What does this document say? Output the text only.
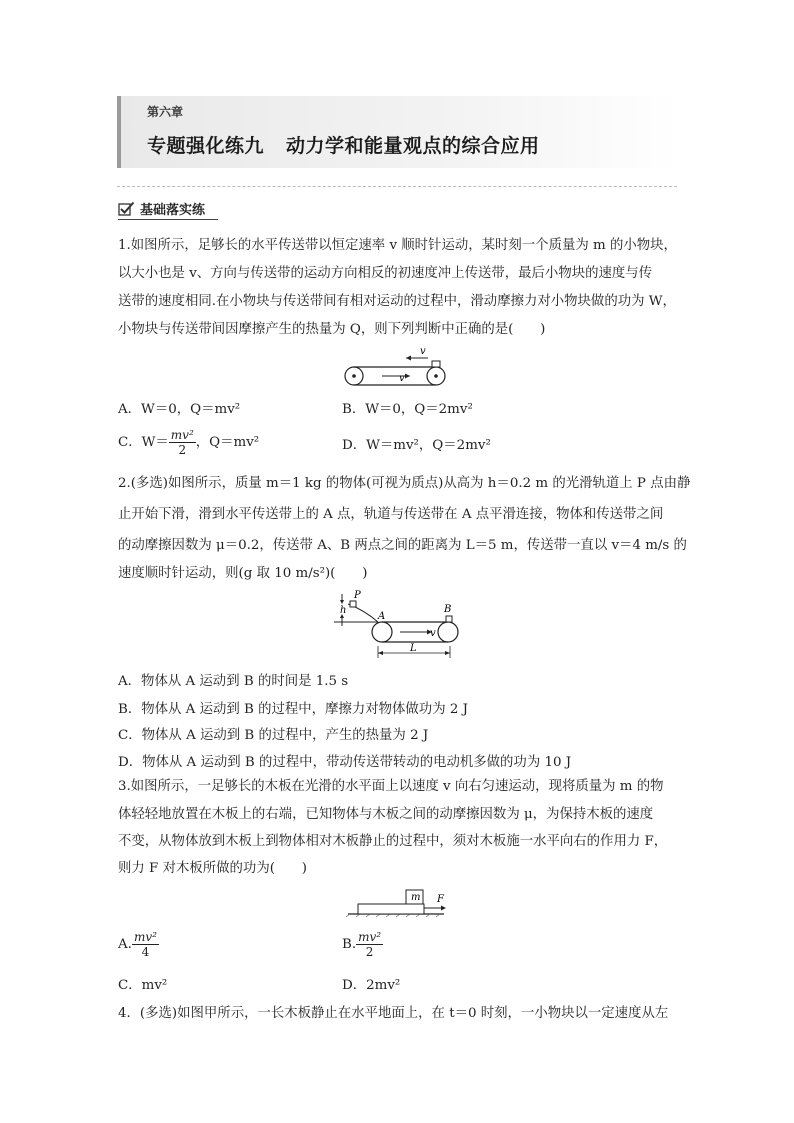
第六章
专题强化练九 动力学和能量观点的综合应用
基础落实练
1.如图所示，足够长的水平传送带以恒定速率 v 顺时针运动，某时刻一个质量为 m 的小物块，
以大小也是 v、方向与传送带的运动方向相反的初速度冲上传送带，最后小物块的速度与传
送带的速度相同.在小物块与传送带间有相对运动的过程中，滑动摩擦力对小物块做的功为 W，
小物块与传送带间因摩擦产生的热量为 Q，则下列判断中正确的是(　　)
v
v
A．W＝0，Q＝mv²	B．W＝0，Q＝2mv²
C．$W= \frac{\text{mv²}}{2}$ ，Q＝mv²	D．W＝mv²，Q＝2mv²
2.(多选)如图所示，质量 m＝1 kg 的物体(可视为质点)从高为 h＝0.2 m 的光滑轨道上 P 点由静
止开始下滑，滑到水平传送带上的 A 点，轨道与传送带在 A 点平滑连接，物体和传送带之间
的动摩擦因数为 μ＝0.2，传送带 A、B 两点之间的距离为 L＝5 m，传送带一直以 v＝4 m/s 的
速度顺时针运动，则(g 取 10 m/s²)(　　)
h
P
A
B
v
L
A．物体从 A 运动到 B 的时间是 1.5 s
B．物体从 A 运动到 B 的过程中，摩擦力对物体做功为 2 J
C．物体从 A 运动到 B 的过程中，产生的热量为 2 J
D．物体从 A 运动到 B 的过程中，带动传送带转动的电动机多做的功为 10 J
3.如图所示，一足够长的木板在光滑的水平面上以速度 v 向右匀速运动，现将质量为 m 的物
体轻轻地放置在木板上的右端，已知物体与木板之间的动摩擦因数为 μ，为保持木板的速度
不变，从物体放到木板上到物体相对木板静止的过程中，须对木板施一水平向右的作用力 F，
则力 F 对木板所做的功为(　　)
m F
A. $\frac{\text{mv²}}{4}$	B. $\frac{\text{mv²}}{2}$
C．mv²	D．2mv²
4．(多选)如图甲所示，一长木板静止在水平地面上，在 t＝0 时刻，一小物块以一定速度从左
